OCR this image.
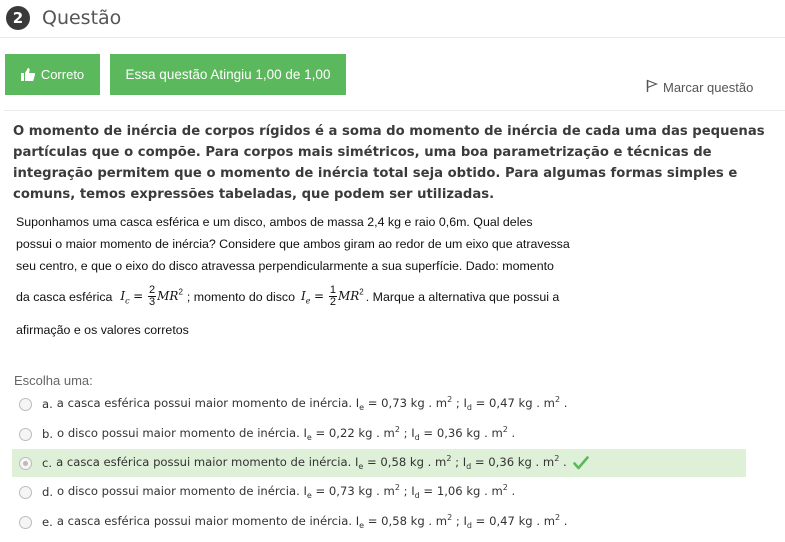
2 Questão
Correto	Essa questão Atingiu 1,00 de 1,00
Marcar questão
O momento de inércia de corpos rígidos é a soma do momento de inércia de cada uma das pequenas partículas que o compõe. Para corpos mais simétricos, uma boa parametrização e técnicas de integração permitem que o momento de inércia total seja obtido. Para algumas formas simples e comuns, temos expressões tabeladas, que podem ser utilizadas.
Suponhamos uma casca esférica e um disco, ambos de massa 2,4 kg e raio 0,6m. Qual deles
possui o maior momento de inércia? Considere que ambos giram ao redor de um eixo que atravessa
seu centro, e que o eixo do disco atravessa perpendicularmente a sua superfície. Dado: momento
da casca esférica $I_c = \frac{2}{3} MR^2$ ; momento do disco $I_e = \frac{1}{2} MR^2$ . Marque a alternativa que possui a
afirmação e os valores corretos
Escolha uma:
a. a casca esférica possui maior momento de inércia. $I_e = 0,73$ kg . $m^2$ ; $I_d = 0,47$ kg . $m^2$ .
b. o disco possui maior momento de inércia. $I_e = 0,22$ kg . $m^2$ ; $I_d = 0,36$ kg . $m^2$ .
c. a casca esférica possui maior momento de inércia. $I_e = 0,58$ kg . $m^2$ ; $I_d = 0,36$ kg . $m^2$ .
d. o disco possui maior momento de inércia. $I_e = 0,73$ kg . $m^2$ ; $I_d = 1,06$ kg . $m^2$ .
e. a casca esférica possui maior momento de inércia. $I_e = 0,58$ kg . $m^2$ ; $I_d = 0,47$ kg . $m^2$ .
